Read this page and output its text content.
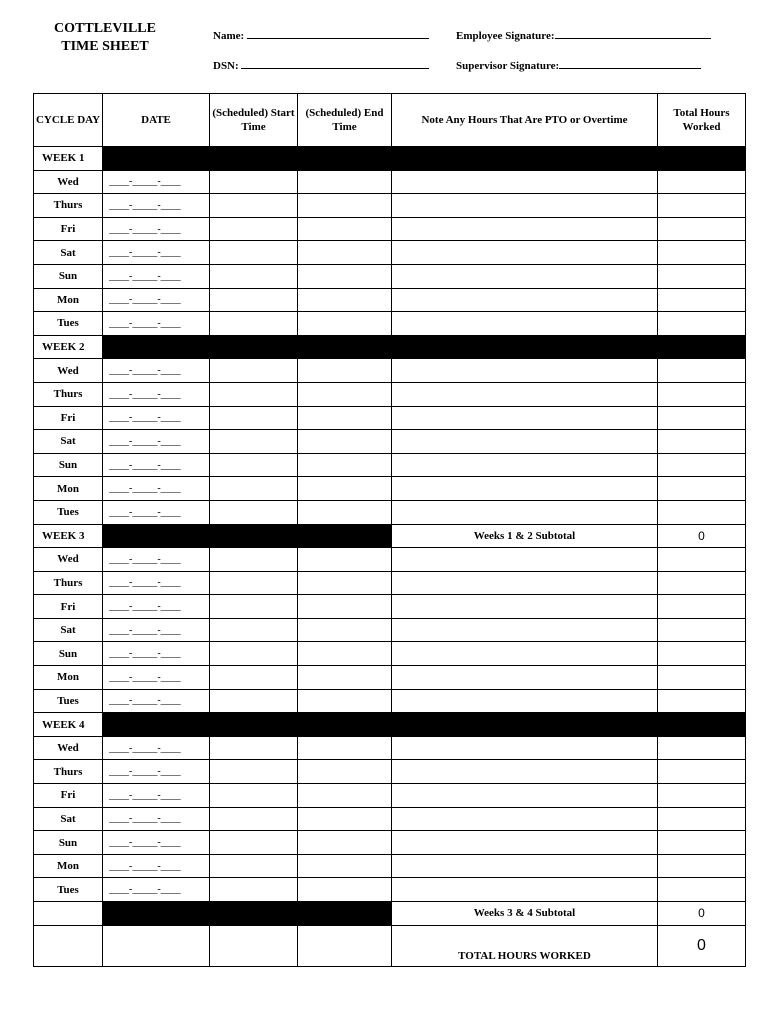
COTTLEVILLE
TIME SHEET
Name:
DSN:
Employee Signature:
Supervisor Signature:
CYCLE DAY	DATE	(Scheduled) Start Time	(Scheduled) End Time	Note Any Hours That Are PTO or Overtime	Total Hours Worked
WEEK 1					
Wed	____-_____-____				
Thurs	____-_____-____				
Fri	____-_____-____				
Sat	____-_____-____				
Sun	____-_____-____				
Mon	____-_____-____				
Tues	____-_____-____				
WEEK 2					
Wed	____-_____-____				
Thurs	____-_____-____				
Fri	____-_____-____				
Sat	____-_____-____				
Sun	____-_____-____				
Mon	____-_____-____				
Tues	____-_____-____				
WEEK 3				Weeks 1 & 2 Subtotal	0
Wed	____-_____-____				
Thurs	____-_____-____				
Fri	____-_____-____				
Sat	____-_____-____				
Sun	____-_____-____				
Mon	____-_____-____				
Tues	____-_____-____				
WEEK 4					
Wed	____-_____-____				
Thurs	____-_____-____				
Fri	____-_____-____				
Sat	____-_____-____				
Sun	____-_____-____				
Mon	____-_____-____				
Tues	____-_____-____				
				Weeks 3 & 4 Subtotal	0
				TOTAL HOURS WORKED	0
